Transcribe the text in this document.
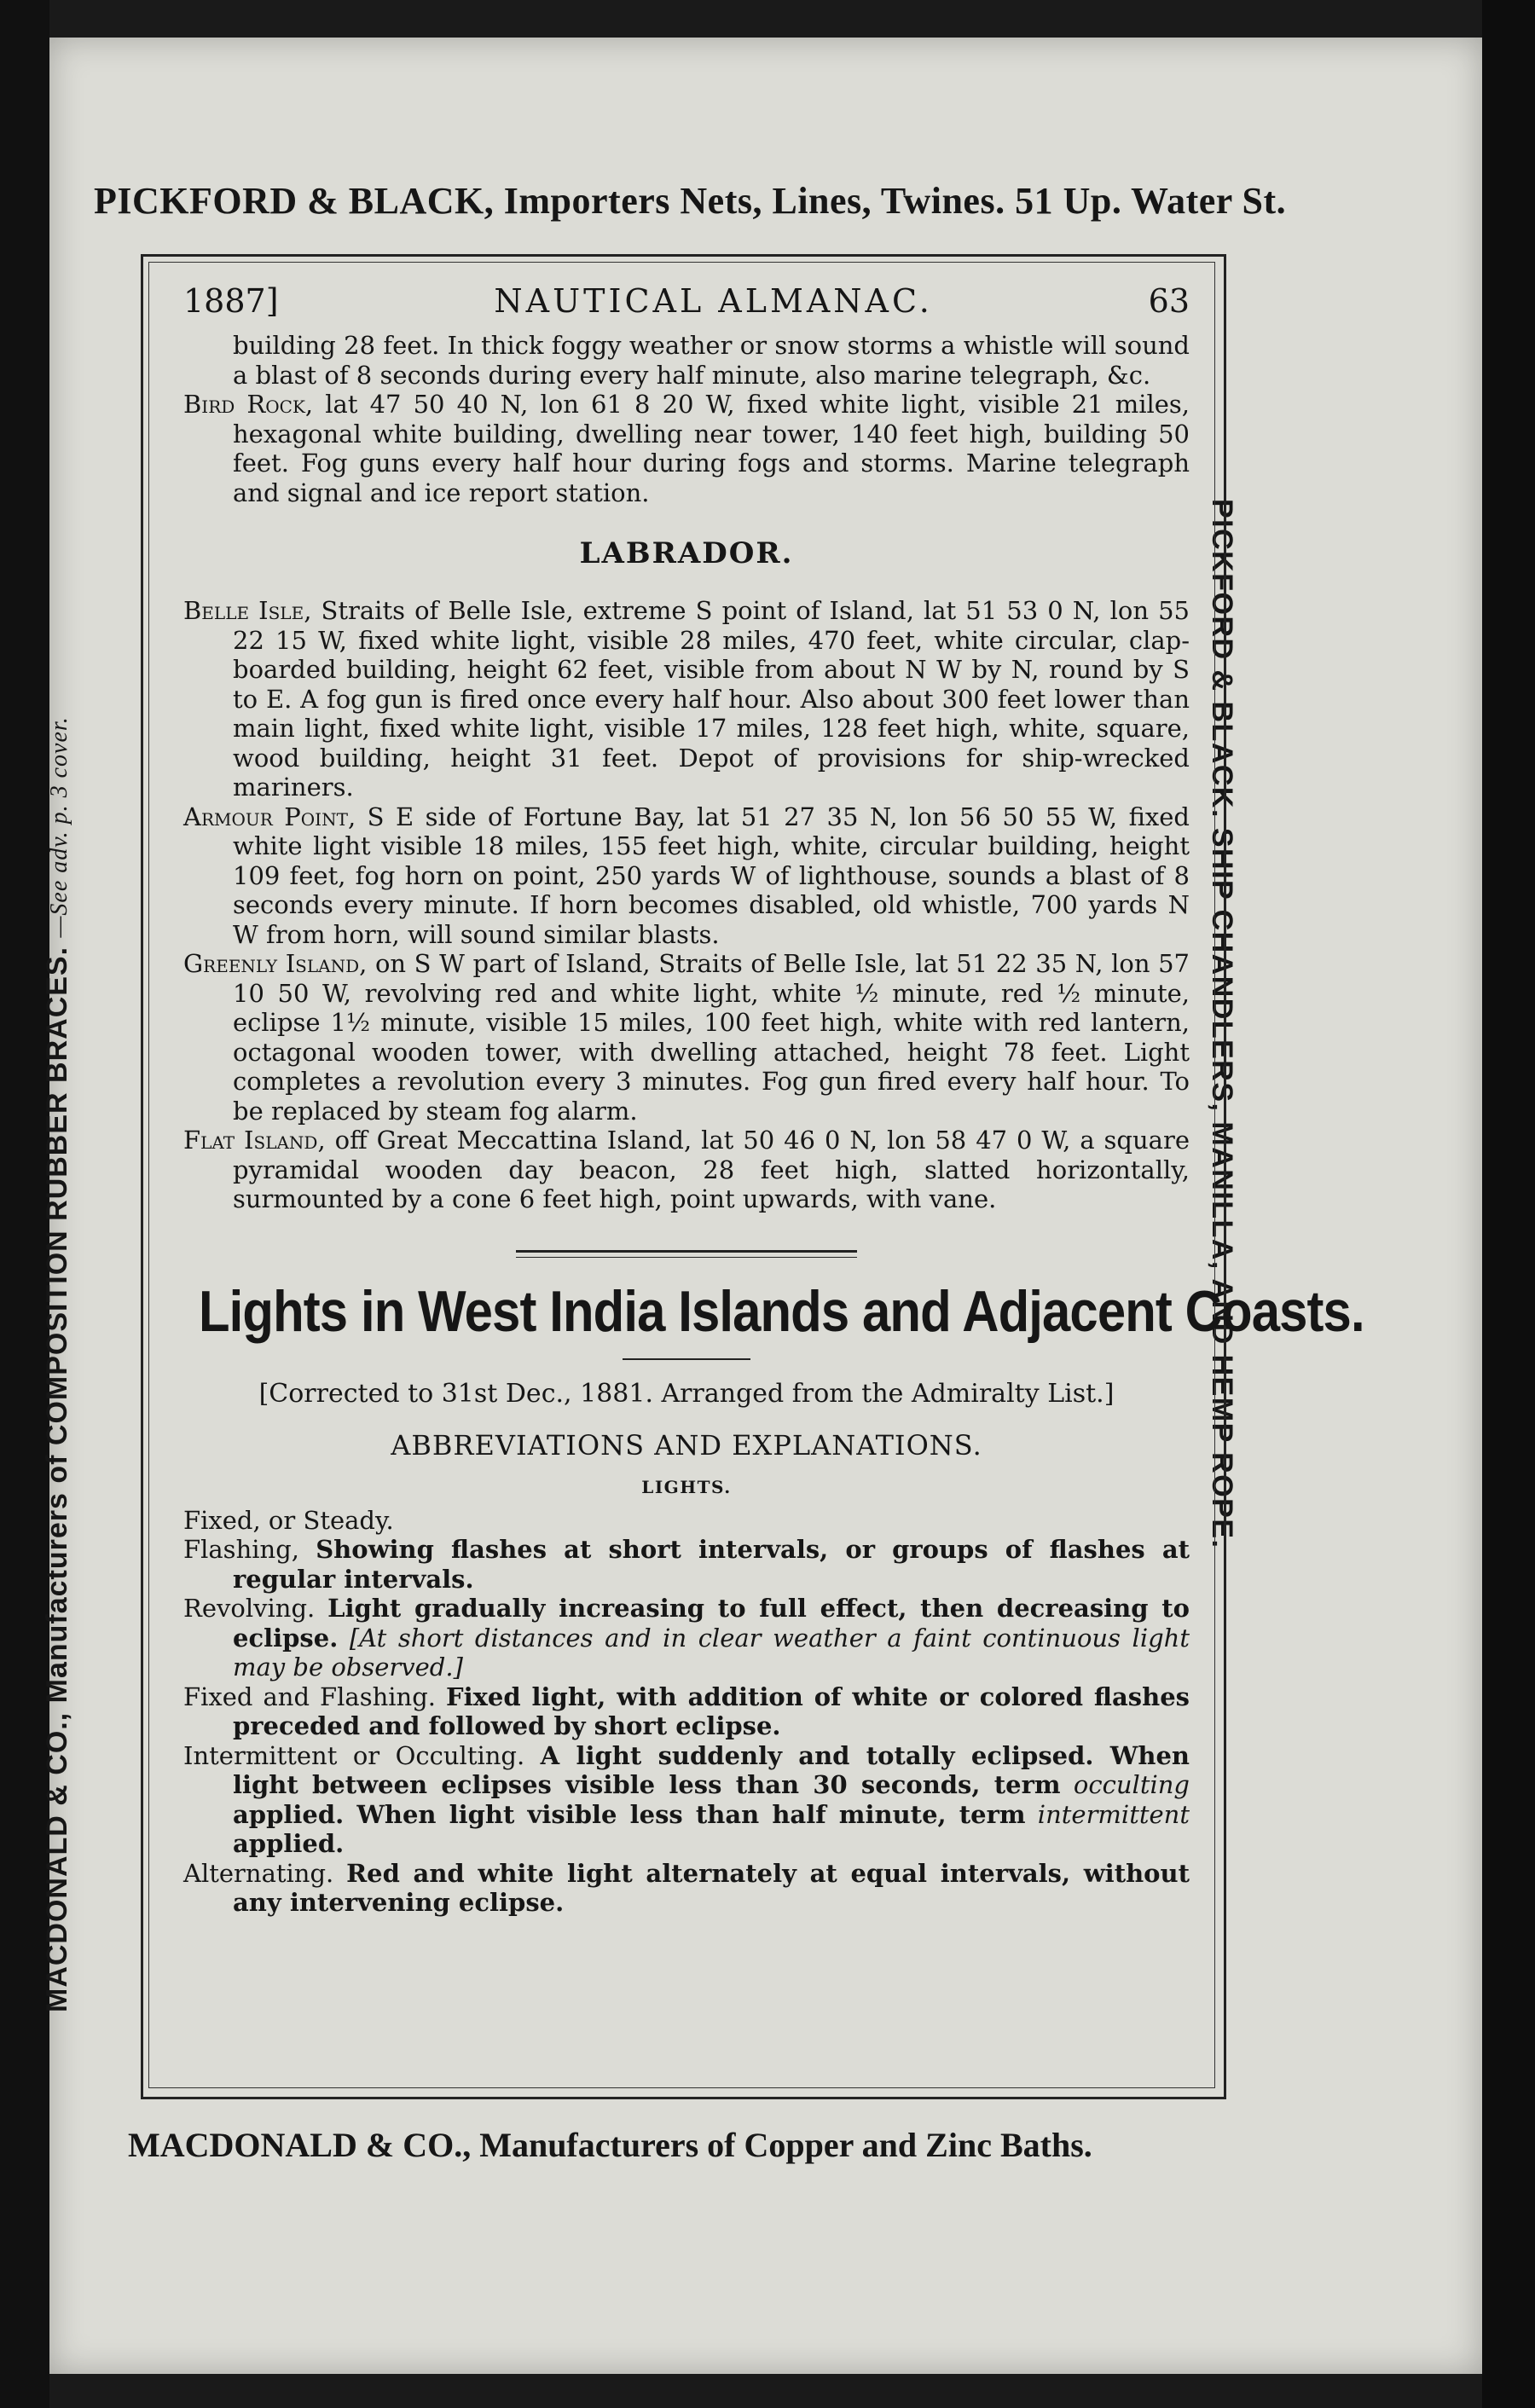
PICKFORD & BLACK, Importers Nets, Lines, Twines. 51 Up. Water St.
MACDONALD & CO., Manufacturers of COMPOSITION RUBBER BRACES. —See adv. p. 3 cover.	PICKFORD & BLACK. SHIP CHANDLERS, MANILLA, AND HEMP ROPE.
1887]	NAUTICAL ALMANAC.	63

building 28 feet. In thick foggy weather or snow storms a whistle will sound a blast of 8 seconds during every half minute, also marine telegraph, &c.

Bird Rock, lat 47 50 40 N, lon 61 8 20 W, fixed white light, visible 21 miles, hexagonal white building, dwelling near tower, 140 feet high, building 50 feet. Fog guns every half hour during fogs and storms. Marine telegraph and signal and ice report station.

LABRADOR.

Belle Isle, Straits of Belle Isle, extreme S point of Island, lat 51 53 0 N, lon 55 22 15 W, fixed white light, visible 28 miles, 470 feet, white circular, clap-boarded building, height 62 feet, visible from about N W by N, round by S to E. A fog gun is fired once every half hour. Also about 300 feet lower than main light, fixed white light, visible 17 miles, 128 feet high, white, square, wood building, height 31 feet. Depot of provisions for ship-wrecked mariners.

Armour Point, S E side of Fortune Bay, lat 51 27 35 N, lon 56 50 55 W, fixed white light visible 18 miles, 155 feet high, white, circular building, height 109 feet, fog horn on point, 250 yards W of lighthouse, sounds a blast of 8 seconds every minute. If horn becomes disabled, old whistle, 700 yards N W from horn, will sound similar blasts.

Greenly Island, on S W part of Island, Straits of Belle Isle, lat 51 22 35 N, lon 57 10 50 W, revolving red and white light, white ½ minute, red ½ minute, eclipse 1½ minute, visible 15 miles, 100 feet high, white with red lantern, octagonal wooden tower, with dwelling attached, height 78 feet. Light completes a revolution every 3 minutes. Fog gun fired every half hour. To be replaced by steam fog alarm.

Flat Island, off Great Meccattina Island, lat 50 46 0 N, lon 58 47 0 W, a square pyramidal wooden day beacon, 28 feet high, slatted horizontally, surmounted by a cone 6 feet high, point upwards, with vane.

Lights in West India Islands and Adjacent Coasts.
[Corrected to 31st Dec., 1881. Arranged from the Admiralty List.]
ABBREVIATIONS AND EXPLANATIONS.
LIGHTS.

Fixed, or Steady.

Flashing, Showing flashes at short intervals, or groups of flashes at regular intervals.

Revolving. Light gradually increasing to full effect, then decreasing to eclipse. [At short distances and in clear weather a faint continuous light may be observed.]

Fixed and Flashing. Fixed light, with addition of white or colored flashes preceded and followed by short eclipse.

Intermittent or Occulting. A light suddenly and totally eclipsed. When light between eclipses visible less than 30 seconds, term occulting applied. When light visible less than half minute, term intermittent applied.

Alternating. Red and white light alternately at equal intervals, without any intervening eclipse.

MACDONALD & CO., Manufacturers of Copper and Zinc Baths.
